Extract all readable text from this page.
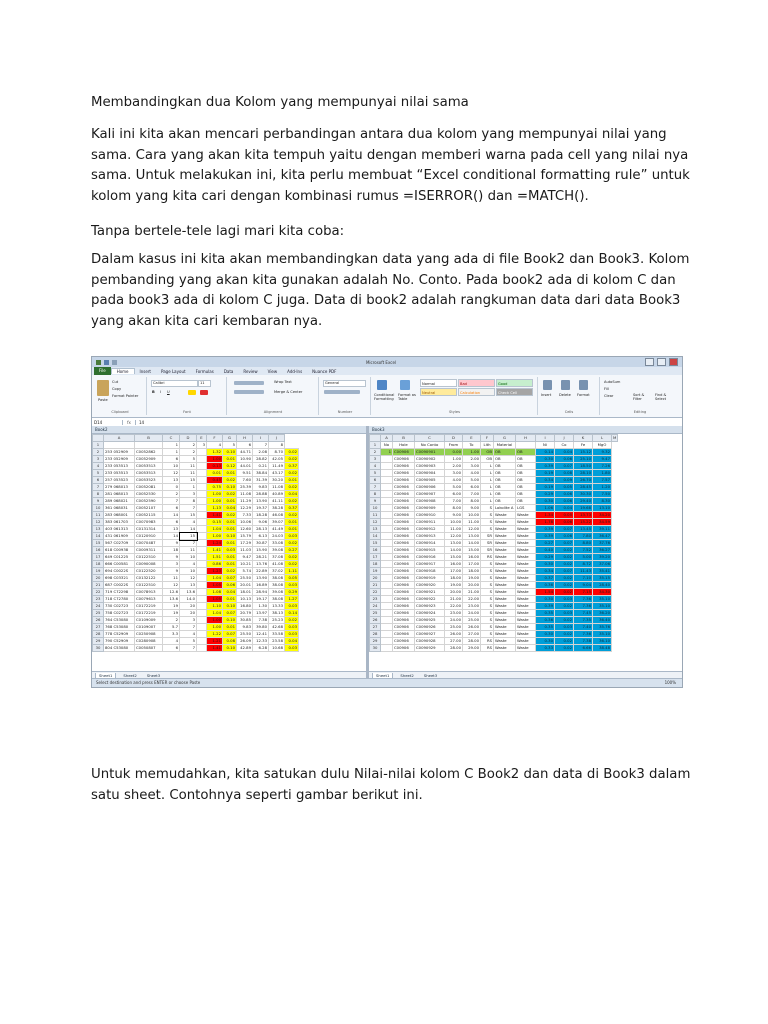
Membandingkan dua Kolom yang mempunyai nilai sama

Kali ini kita akan mencari perbandingan antara dua kolom yang mempunyai nilai yang sama. Cara yang akan kita tempuh yaitu dengan memberi warna pada cell yang nilai nya sama. Untuk melakukan ini, kita perlu membuat “Excel conditional formatting rule” untuk kolom yang kita cari dengan kombinasi rumus =ISERROR() dan =MATCH().

Tanpa bertele-tele lagi mari kita coba:

Dalam kasus ini kita akan membandingkan data yang ada di file Book2 dan Book3. Kolom pembanding yang akan kita gunakan adalah No. Conto. Pada book2 ada di kolom C dan pada book3 ada di kolom C juga. Data di book2 adalah rangkuman data dari data Book3 yang akan kita cari kembaran nya.

Microsoft Excel
File	Home	Insert	Page Layout	Formulas	Data	Review	View	Add-Ins	Nuance PDF
Paste
Cut
Copy
Format Painter
Clipboard
Calibri	11
B I U
Font
Wrap Text
Merge & Center
Alignment
General
Number
Conditional Formatting
Format as Table
Normal	Bad	Good
Neutral	Calculation	Check Cell
Styles
Insert Delete Format
Cells
AutoSum
Fill
Clear	Sort & Filter
Find & Select
Editing
D14	fx	14
Book2
	A	B	C	D	E	F	G	H	I	J	
1			1	2	3	4	5	6	7	8	
2	253 052909	C0052862	1	2		1.32	0.10	44.71	2.08	8.70	0.02
3	233 052909	C0052909	6	5		1.00	0.01	10.90	28.82	42.05	0.02
4	233 053513	C0053513	10	11		0.13	0.12	44.01	0.21	11.49	0.37
5	233 053513	C0053513	12	11		0.01	0.01	9.51	38.84	43.17	0.02
6	257 053523	C0053523	13	15		0.45	0.02	7.60	31.39	30.20	0.01
7	279 068013	C0052081	0	1		0.75	0.10	25.39	9.83	11.08	0.02
8	281 068013	C0052530	2	3		1.00	0.02	11.08	28.88	40.89	0.04
9	289 068021	C0052590	7	8		1.00	0.01	11.29	13.90	41.11	0.02
10	361 068031	C0052107	6	7		1.13	0.04	12.29	19.37	38.28	0.37
11	283 068001	C0052115	14	15		1.41	0.02	7.33	18.28	46.08	0.02
12	383 061703	C0070983	6	4		0.15	0.01	10.06	9.06	39.07	0.01
13	403 061313	C0131314	13	14		1.04	0.01	12.60	28.13	41.49	0.01
14	431 061909	C0120910	14	15		1.00	0.10	15.79	6.13	24.03	0.03
15	567 C02709	C0070487	9	7		1.24	0.01	17.29	30.87	33.08	0.02
16	618 C00938	C0009311	18	11		1.41	0.03	11.03	15.90	39.08	0.27
17	649 C01225	C0122510	9	10		1.51	0.01	9.47	28.21	37.08	0.02
18	666 C00581	C0090008	3	4		0.86	0.01	10.21	13.76	41.08	0.02
19	694 C0022S	C0122520	9	10		1.23	0.02	5.74	22.89	37.02	1.11
20	698 C03321	C0132122	11	12		1.04	0.07	25.50	13.90	38.08	0.05
21	687 C0022S	C0122510	12	13		1.05	0.06	20.01	16.89	38.08	0.03
22	719 C72298	C0078913	12.6	13.6		1.08	0.04	18.01	28.94	39.08	0.29
23	718 C72780	C0079613	13.6	14.0		1.05	0.01	10.13	19.17	38.08	1.27
24	730 C02723	C0172219	19	20		1.10	0.10	16.80	1.30	13.33	0.03
25	758 C02723	C0172219	19	20		1.04	0.07	20.79	13.97	38.13	0.14
26	764 C53080	C0109009	2	3		1.00	0.10	30.85	7.38	25.23	0.02
27	768 C53080	C0109007	5.7	7		1.00	0.01	9.83	39.80	42.68	0.03
28	778 C52909	C0250908	3.3	4		1.22	0.07	25.50	12.41	33.58	0.03
29	790 C52909	C0280908	4	5		1.21	0.08	26.09	12.33	23.58	0.04
30	804 C53080	C0050807	6	7		1.41	0.10	42.89	6.28	10.68	0.03
Sheet1	Sheet2	Sheet3
Book3
	A	B	C	D	E	F	G	H	I	J	K	L	M
1	No	Hole	No Conto	From	To	Lith	Material		Ni	Co	Fe	MgO	
2	1	C00906	C0090901	0.00	1.00	OB	OB	OB	0.14	0.04	15.12	9.32	
3		C00906	C0090902	1.00	2.00	OB	OB	OB	0.30	0.06	25.10	9.47	
4		C00906	C0090903	2.00	3.00	L	OB	OB	0.39	0.07	18.50	7.26	
5		C00906	C0090904	3.00	4.00	L	OB	OB	0.19	0.08	28.10	1.80	
6		C00906	C0090905	4.00	5.00	L	OB	OB	0.34	0.09	26.70	7.57	
7		C00906	C0090906	5.00	6.00	L	OB	OB	0.19	0.05	28.45	1.20	
8		C00906	C0090907	6.00	7.00	L	OB	OB	0.29	0.06	30.30	7.50	
9		C00906	C0090908	7.00	8.00	L	OB	OB	0.30	0.06	29.40	8.30	
10		C00906	C0090909	8.00	9.00	S	Lokolite A	LGS	1.06	0.04	19.68	13.10	
11		C00906	C0090910	9.00	10.00	S	Waste	Waste	1.34	0.05	13.73	34.20	
12		C00906	C0090911	10.00	11.00	S	Waste	Waste	1.78	0.06	15.22	34.59	
13		C00906	C0090912	11.00	12.00	S	Waste	Waste	0.39	0.07	13.45	39.11	
14		C00906	C0090913	12.00	13.00	SR	Waste	Waste	0.39	0.06	7.80	36.47	
15		C00906	C0090914	13.00	14.00	SR	Waste	Waste	0.27	0.07	8.80	37.76	
16		C00906	C0090915	14.00	15.00	SR	Waste	Waste	0.40	0.02	7.52	36.27	
17		C00906	C0090916	15.00	16.00	RS	Waste	Waste	0.29	0.02	5.00	39.20	
18		C00906	C0090917	16.00	17.00	S	Waste	Waste	0.30	0.02	8.72	37.06	
19		C00906	C0090918	17.00	18.00	S	Waste	Waste	0.34	0.07	11.43	35.41	
20		C00906	C0090919	18.00	19.00	S	Waste	Waste	0.37	0.02	7.10	35.15	
21		C00906	C0090920	19.00	20.00	S	Waste	Waste	0.36	0.02	9.04	28.40	
22		C00906	C0090921	20.00	21.00	S	Waste	Waste	1.54	0.02	7.15	34.30	
23		C00906	C0090922	21.00	22.00	S	Waste	Waste	0.30	0.03	7.36	35.10	
24		C00906	C0090923	22.00	23.00	S	Waste	Waste	0.39	0.02	7.36	35.10	
25		C00906	C0090924	23.00	24.00	S	Waste	Waste	0.35	0.03	7.45	36.20	
26		C00906	C0090925	24.00	25.00	S	Waste	Waste	0.36	0.02	7.35	36.40	
27		C00906	C0090926	25.00	26.00	S	Waste	Waste	0.35	0.03	7.40	35.76	
28		C00906	C0090927	26.00	27.00	S	Waste	Waste	0.30	0.02	7.36	35.10	
29		C00906	C0090928	27.00	28.00	RS	Waste	Waste	0.30	0.02	7.38	36.10	
30		C00906	C0090929	28.00	29.00	RS	Waste	Waste	0.33	0.02	6.66	38.48	
Sheet1	Sheet2	Sheet3
Select destination and press ENTER or choose Paste	100%

Untuk memudahkan, kita satukan dulu Nilai-nilai kolom C Book2 dan data di Book3 dalam satu sheet. Contohnya seperti gambar berikut ini.
